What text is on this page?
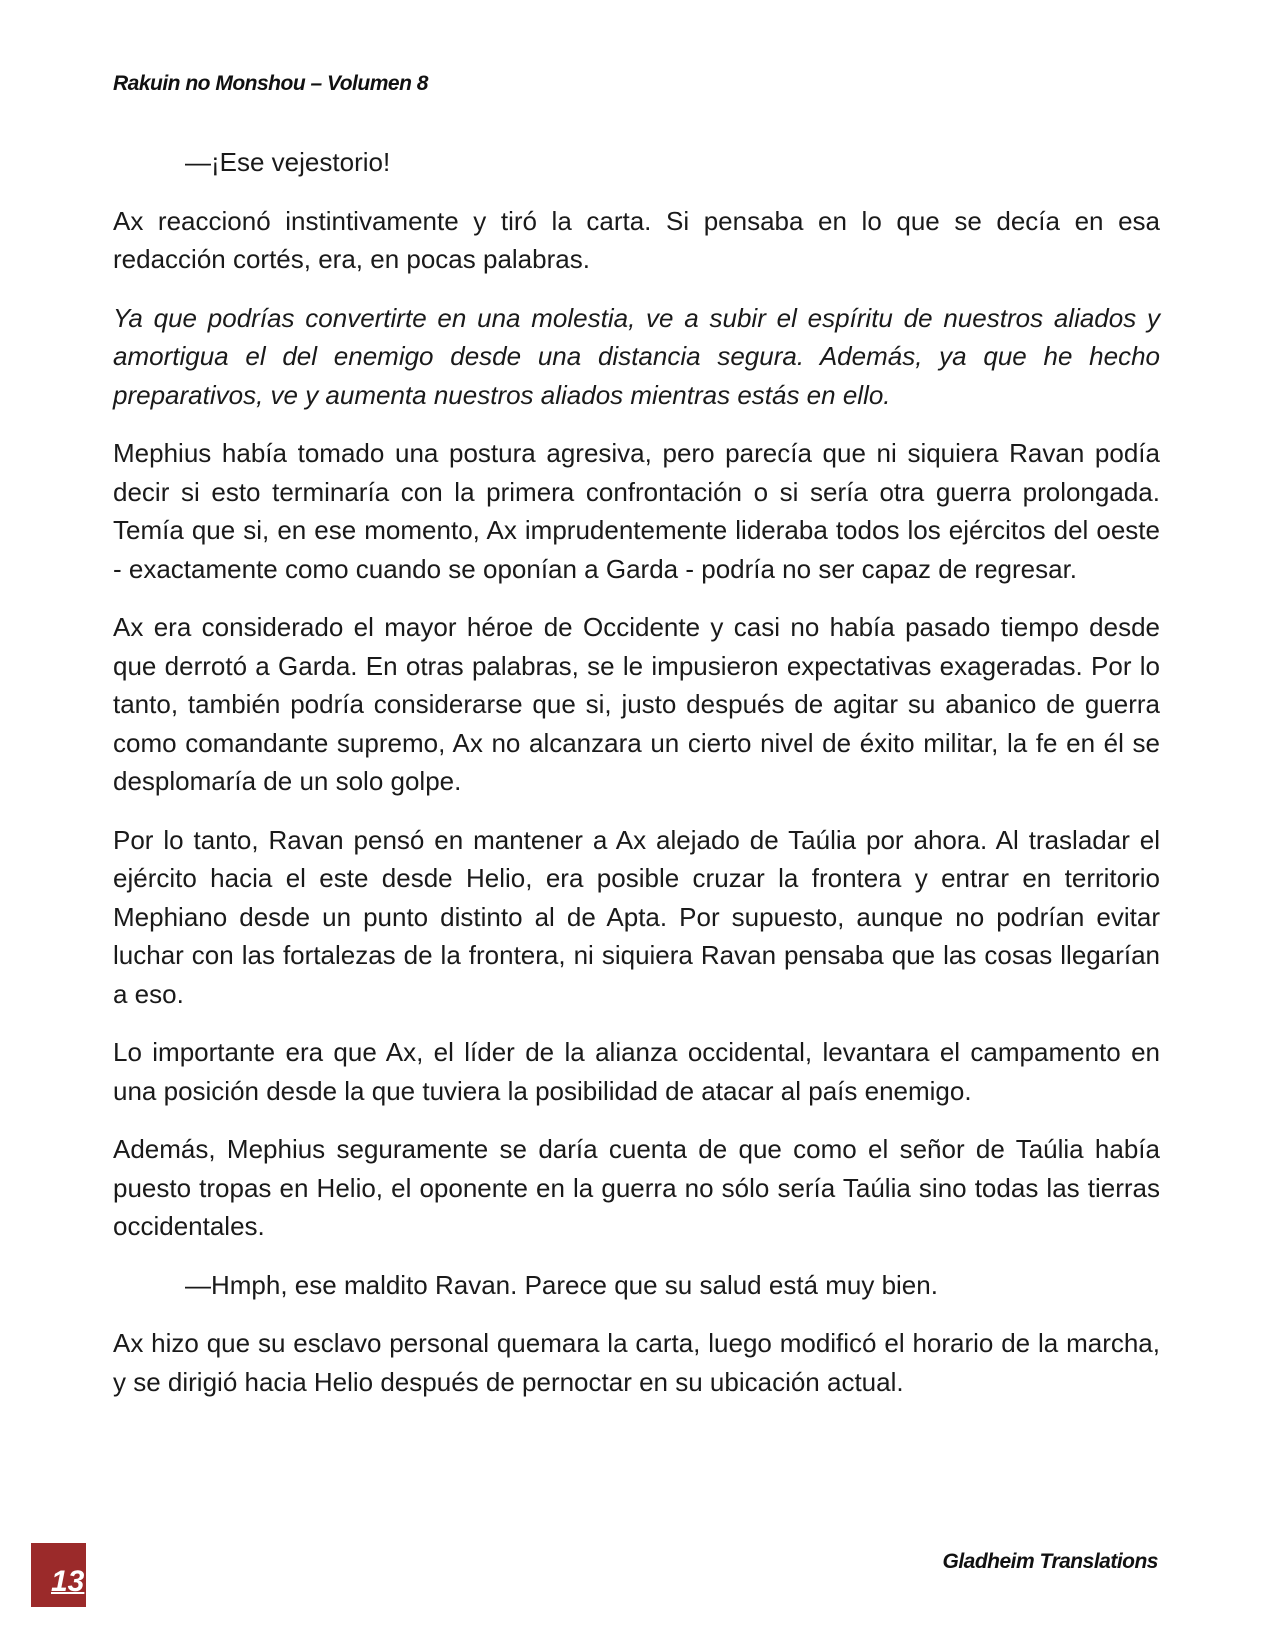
Rakuin no Monshou – Volumen 8

—¡Ese vejestorio!

Ax reaccionó instintivamente y tiró la carta. Si pensaba en lo que se decía en esa redacción cortés, era, en pocas palabras.

Ya que podrías convertirte en una molestia, ve a subir el espíritu de nuestros aliados y amortigua el del enemigo desde una distancia segura. Además, ya que he hecho preparativos, ve y aumenta nuestros aliados mientras estás en ello.

Mephius había tomado una postura agresiva, pero parecía que ni siquiera Ravan podía decir si esto terminaría con la primera confrontación o si sería otra guerra prolongada. Temía que si, en ese momento, Ax imprudentemente lideraba todos los ejércitos del oeste - exactamente como cuando se oponían a Garda - podría no ser capaz de regresar.

Ax era considerado el mayor héroe de Occidente y casi no había pasado tiempo desde que derrotó a Garda. En otras palabras, se le impusieron expectativas exageradas. Por lo tanto, también podría considerarse que si, justo después de agitar su abanico de guerra como comandante supremo, Ax no alcanzara un cierto nivel de éxito militar, la fe en él se desplomaría de un solo golpe.

Por lo tanto, Ravan pensó en mantener a Ax alejado de Taúlia por ahora. Al trasladar el ejército hacia el este desde Helio, era posible cruzar la frontera y entrar en territorio Mephiano desde un punto distinto al de Apta. Por supuesto, aunque no podrían evitar luchar con las fortalezas de la frontera, ni siquiera Ravan pensaba que las cosas llegarían a eso.

Lo importante era que Ax, el líder de la alianza occidental, levantara el campamento en una posición desde la que tuviera la posibilidad de atacar al país enemigo.

Además, Mephius seguramente se daría cuenta de que como el señor de Taúlia había puesto tropas en Helio, el oponente en la guerra no sólo sería Taúlia sino todas las tierras occidentales.

—Hmph, ese maldito Ravan. Parece que su salud está muy bien.

Ax hizo que su esclavo personal quemara la carta, luego modificó el horario de la marcha, y se dirigió hacia Helio después de pernoctar en su ubicación actual.

13
Gladheim Translations
